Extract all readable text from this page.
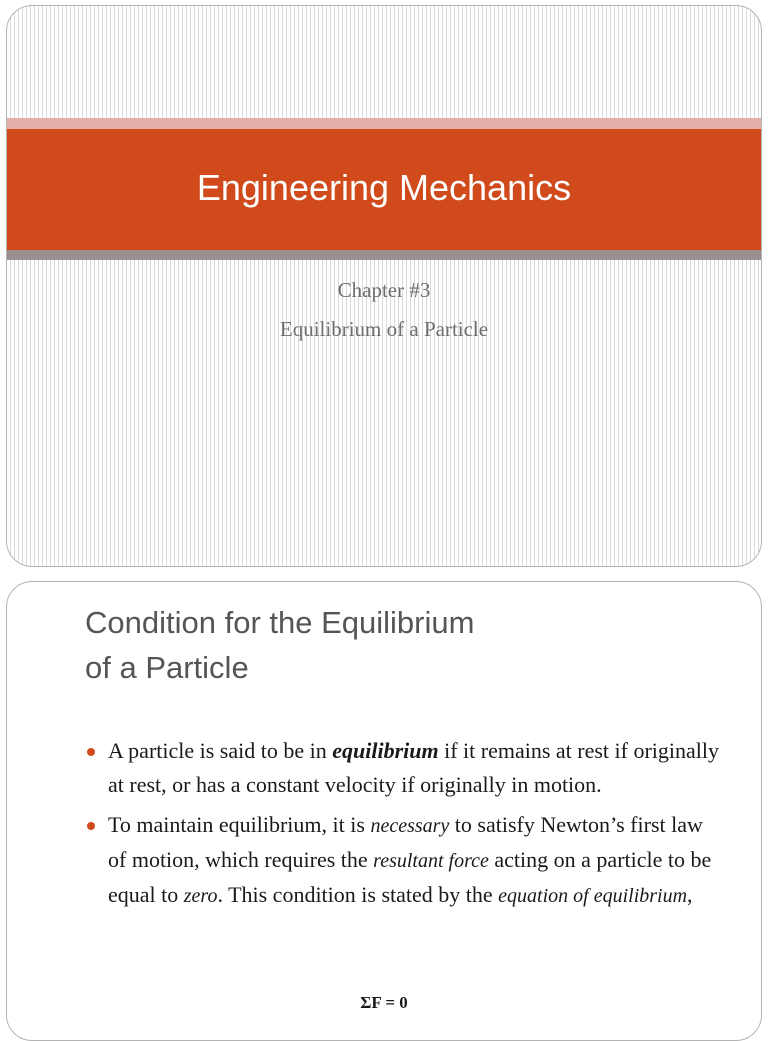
Engineering Mechanics
Chapter #3
Equilibrium of a Particle
Condition for the Equilibrium
of a Particle
A particle is said to be in equilibrium if it remains at rest if originally at rest, or has a constant velocity if originally in motion.
To maintain equilibrium, it is necessary to satisfy Newton’s first law of motion, which requires the resultant force acting on a particle to be equal to zero. This condition is stated by the equation of equilibrium,
ΣF = 0
